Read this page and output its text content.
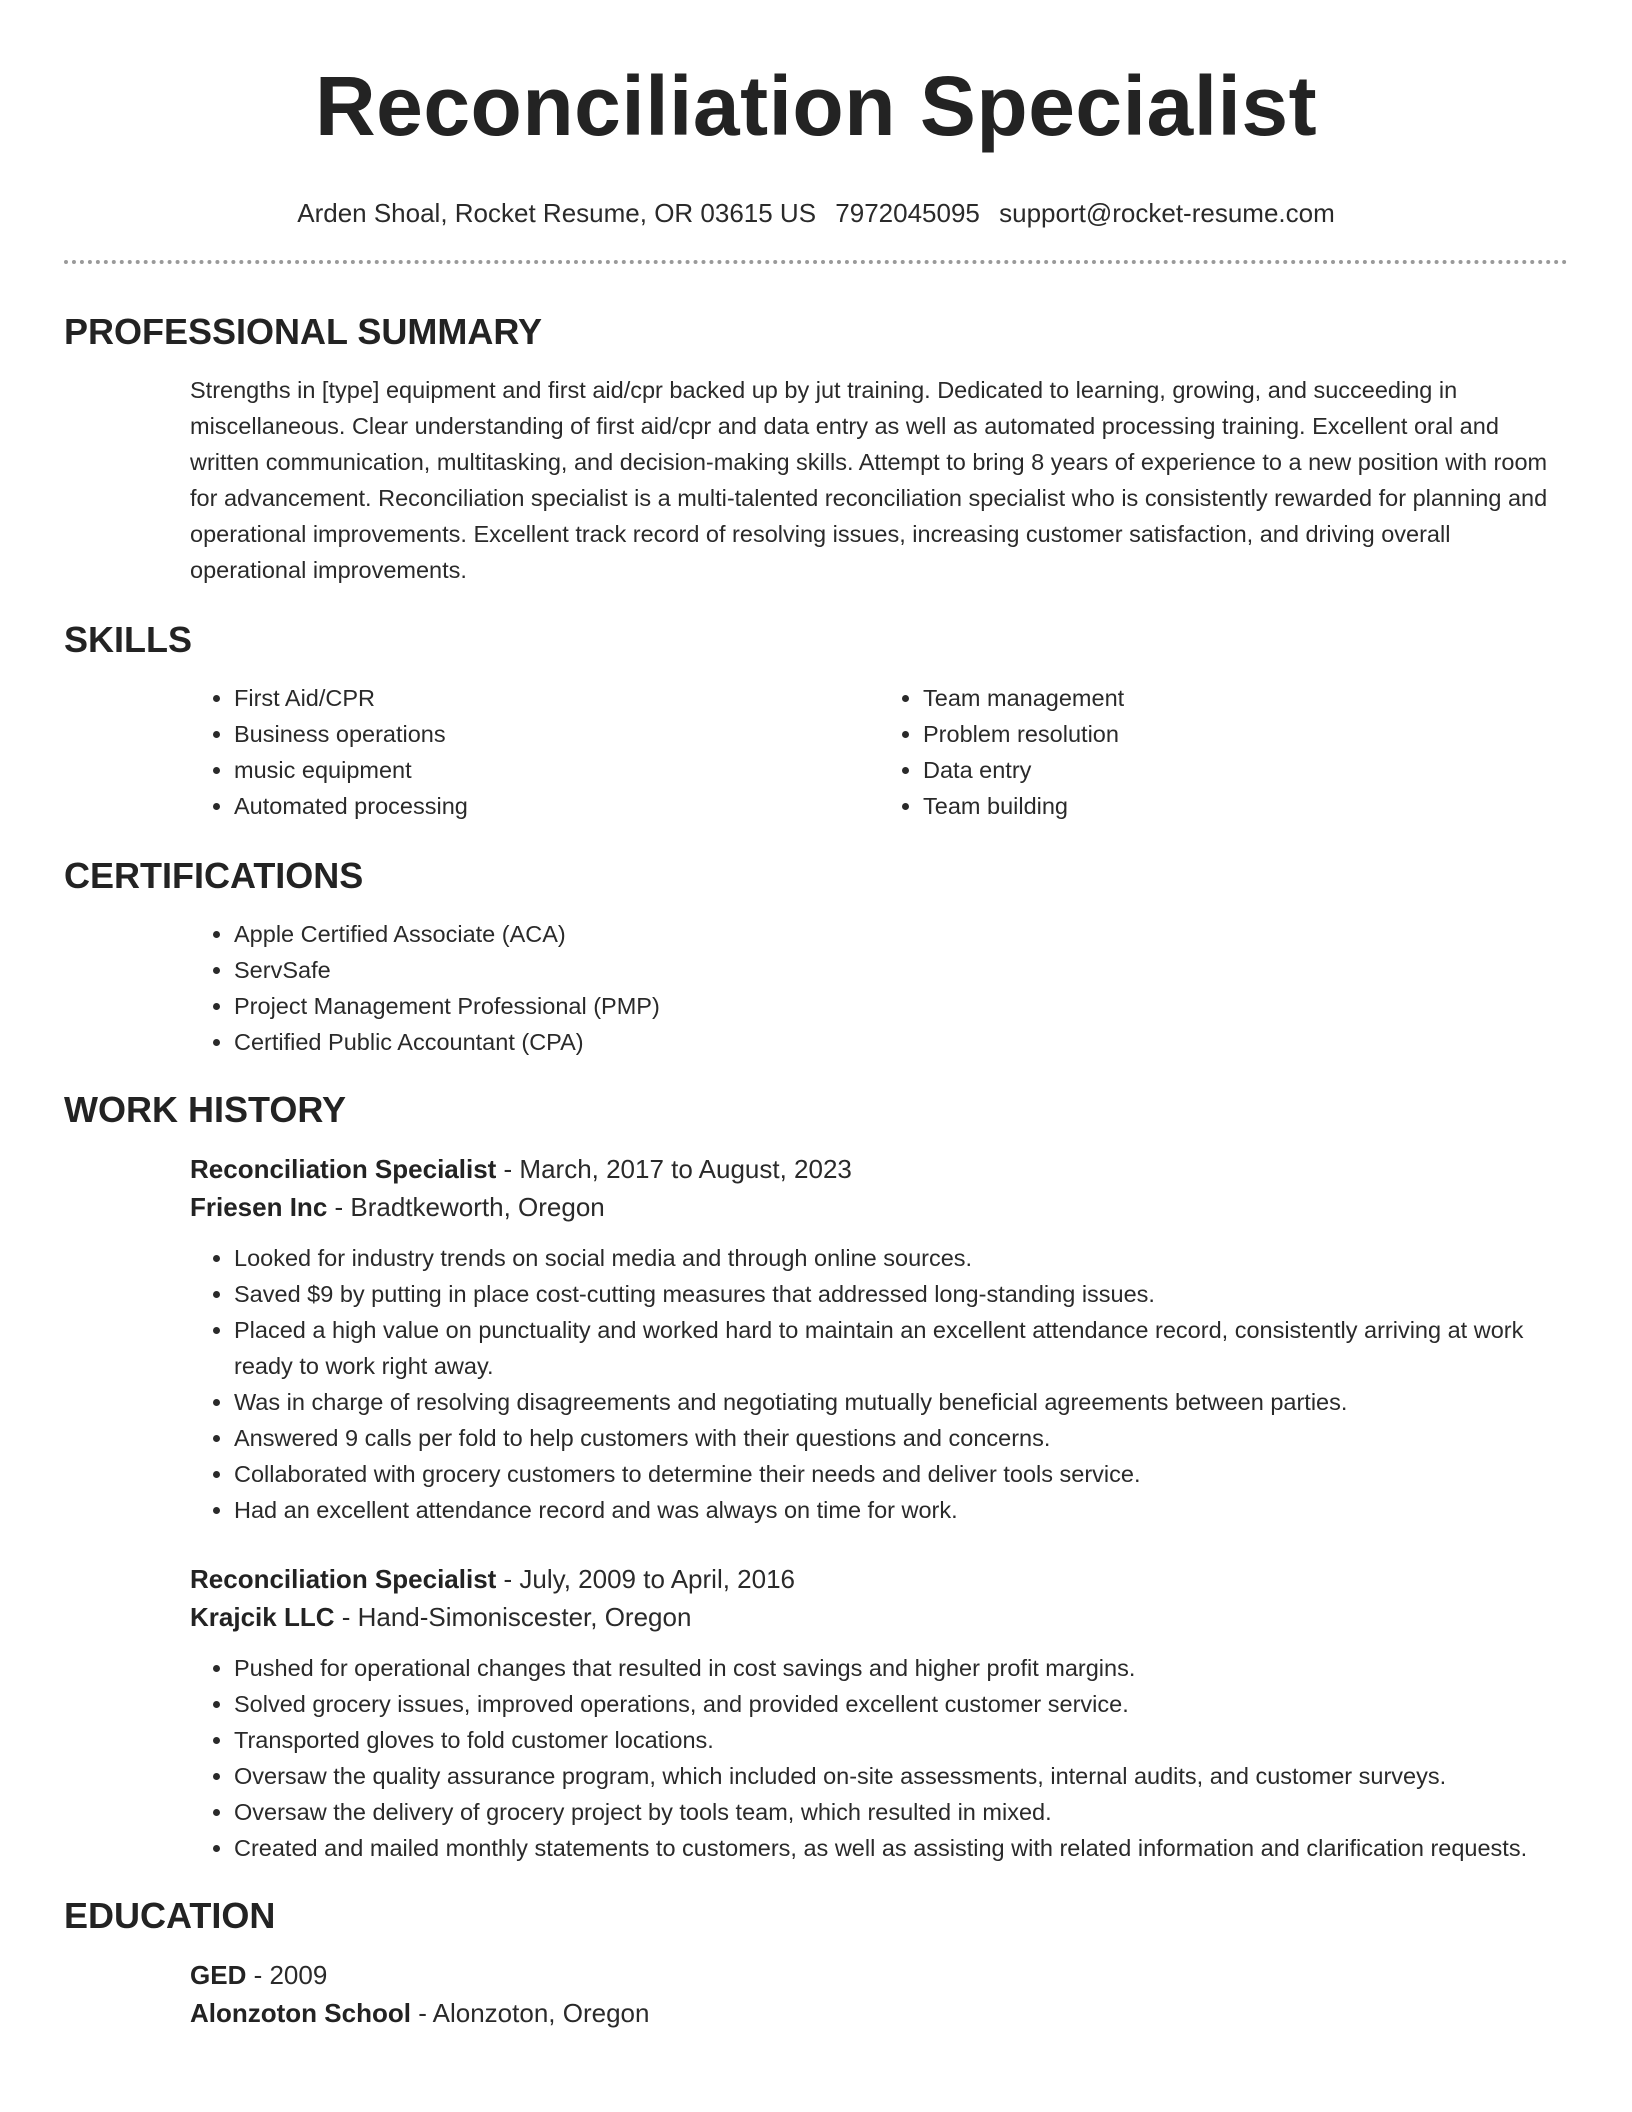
Reconciliation Specialist
Arden Shoal, Rocket Resume, OR 03615 US 7972045095 support@rocket-resume.com
PROFESSIONAL SUMMARY

Strengths in [type] equipment and first aid/cpr backed up by jut training. Dedicated to learning, growing, and succeeding in miscellaneous. Clear understanding of first aid/cpr and data entry as well as automated processing training. Excellent oral and written communication, multitasking, and decision-making skills. Attempt to bring 8 years of experience to a new position with room for advancement. Reconciliation specialist is a multi-talented reconciliation specialist who is consistently rewarded for planning and operational improvements. Excellent track record of resolving issues, increasing customer satisfaction, and driving overall operational improvements.

SKILLS
• First Aid/CPR
• Business operations
• music equipment
• Automated processing
• Team management
• Problem resolution
• Data entry
• Team building
CERTIFICATIONS
• Apple Certified Associate (ACA)
• ServSafe
• Project Management Professional (PMP)
• Certified Public Accountant (CPA)
WORK HISTORY
Reconciliation Specialist - March, 2017 to August, 2023
Friesen Inc - Bradtkeworth, Oregon
• Looked for industry trends on social media and through online sources.
• Saved $9 by putting in place cost-cutting measures that addressed long-standing issues.
• Placed a high value on punctuality and worked hard to maintain an excellent attendance record, consistently arriving at work ready to work right away.
• Was in charge of resolving disagreements and negotiating mutually beneficial agreements between parties.
• Answered 9 calls per fold to help customers with their questions and concerns.
• Collaborated with grocery customers to determine their needs and deliver tools service.
• Had an excellent attendance record and was always on time for work.
Reconciliation Specialist - July, 2009 to April, 2016
Krajcik LLC - Hand-Simoniscester, Oregon
• Pushed for operational changes that resulted in cost savings and higher profit margins.
• Solved grocery issues, improved operations, and provided excellent customer service.
• Transported gloves to fold customer locations.
• Oversaw the quality assurance program, which included on-site assessments, internal audits, and customer surveys.
• Oversaw the delivery of grocery project by tools team, which resulted in mixed.
• Created and mailed monthly statements to customers, as well as assisting with related information and clarification requests.
EDUCATION
GED - 2009
Alonzoton School - Alonzoton, Oregon
